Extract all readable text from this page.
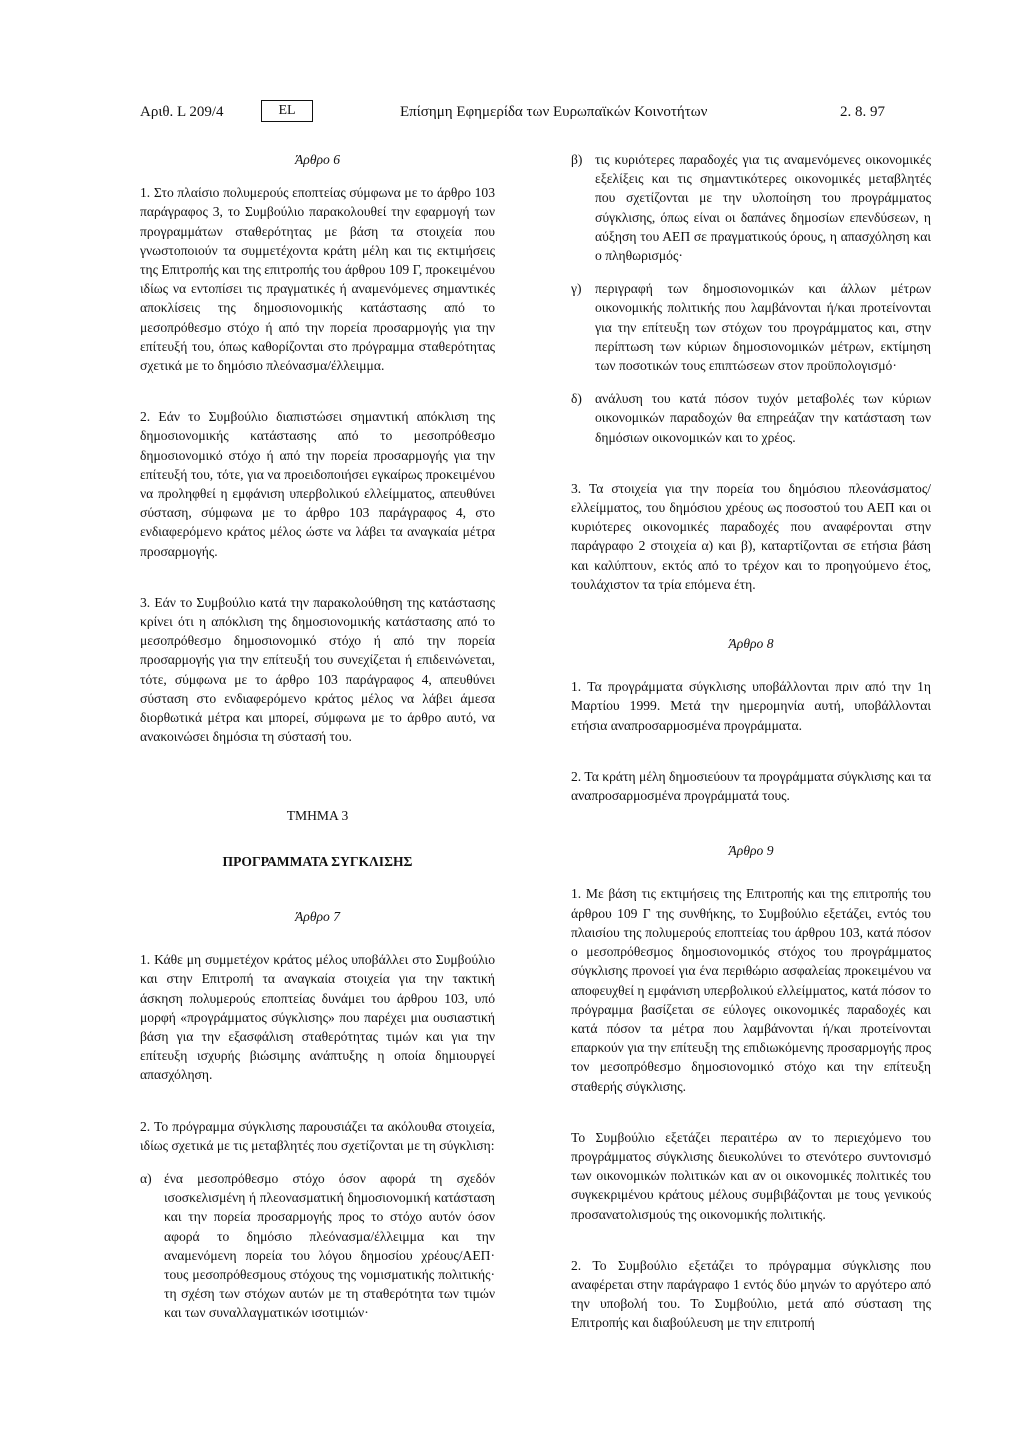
Αριθ. L 209/4	EL	Επίσημη Εφημερίδα των Ευρωπαϊκών Κοινοτήτων	2. 8. 97

Άρθρο 6

1. Στο πλαίσιο πολυμερούς εποπτείας σύμφωνα με το άρθρο 103 παράγραφος 3, το Συμβούλιο παρακολουθεί την εφαρμογή των προγραμμάτων σταθερότητας με βάση τα στοιχεία που γνωστοποιούν τα συμμετέχοντα κράτη μέλη και τις εκτιμήσεις της Επιτροπής και της επιτροπής του άρθρου 109 Γ, προκειμένου ιδίως να εντοπίσει τις πραγματικές ή αναμενόμενες σημαντικές αποκλίσεις της δημοσιονομικής κατάστασης από το μεσοπρόθεσμο στόχο ή από την πορεία προσαρμογής για την επίτευξή του, όπως καθορίζονται στο πρόγραμμα σταθερότητας σχετικά με το δημόσιο πλεόνασμα/έλλειμμα.

2. Εάν το Συμβούλιο διαπιστώσει σημαντική απόκλιση της δημοσιονομικής κατάστασης από το μεσοπρόθεσμο δημοσιονομικό στόχο ή από την πορεία προσαρμογής για την επίτευξή του, τότε, για να προειδοποιήσει εγκαίρως προκειμένου να προληφθεί η εμφάνιση υπερβολικού ελλείμματος, απευθύνει σύσταση, σύμφωνα με το άρθρο 103 παράγραφος 4, στο ενδιαφερόμενο κράτος μέλος ώστε να λάβει τα αναγκαία μέτρα προσαρμογής.

3. Εάν το Συμβούλιο κατά την παρακολούθηση της κατάστασης κρίνει ότι η απόκλιση της δημοσιονομικής κατάστασης από το μεσοπρόθεσμο δημοσιονομικό στόχο ή από την πορεία προσαρμογής για την επίτευξή του συνεχίζεται ή επιδεινώνεται, τότε, σύμφωνα με το άρθρο 103 παράγραφος 4, απευθύνει σύσταση στο ενδιαφερόμενο κράτος μέλος να λάβει άμεσα διορθωτικά μέτρα και μπορεί, σύμφωνα με το άρθρο αυτό, να ανακοινώσει δημόσια τη σύστασή του.

ΤΜΗΜΑ 3

ΠΡΟΓΡΑΜΜΑΤΑ ΣΥΓΚΛΙΣΗΣ

Άρθρο 7

1. Κάθε μη συμμετέχον κράτος μέλος υποβάλλει στο Συμβούλιο και στην Επιτροπή τα αναγκαία στοιχεία για την τακτική άσκηση πολυμερούς εποπτείας δυνάμει του άρθρου 103, υπό μορφή «προγράμματος σύγκλισης» που παρέχει μια ουσιαστική βάση για την εξασφάλιση σταθερότητας τιμών και για την επίτευξη ισχυρής βιώσιμης ανάπτυξης η οποία δημιουργεί απασχόληση.

2. Το πρόγραμμα σύγκλισης παρουσιάζει τα ακόλουθα στοιχεία, ιδίως σχετικά με τις μεταβλητές που σχετίζονται με τη σύγκλιση:

α) ένα μεσοπρόθεσμο στόχο όσον αφορά τη σχεδόν ισοσκελισμένη ή πλεονασματική δημοσιονομική κατάσταση και την πορεία προσαρμογής προς το στόχο αυτόν όσον αφορά το δημόσιο πλεόνασμα/έλλειμμα και την αναμενόμενη πορεία του λόγου δημοσίου χρέους/ΑΕΠ· τους μεσοπρόθεσμους στόχους της νομισματικής πολιτικής· τη σχέση των στόχων αυτών με τη σταθερότητα των τιμών και των συναλλαγματικών ισοτιμιών·
β) τις κυριότερες παραδοχές για τις αναμενόμενες οικονομικές εξελίξεις και τις σημαντικότερες οικονομικές μεταβλητές που σχετίζονται με την υλοποίηση του προγράμματος σύγκλισης, όπως είναι οι δαπάνες δημοσίων επενδύσεων, η αύξηση του ΑΕΠ σε πραγματικούς όρους, η απασχόληση και ο πληθωρισμός·
γ) περιγραφή των δημοσιονομικών και άλλων μέτρων οικονομικής πολιτικής που λαμβάνονται ή/και προτείνονται για την επίτευξη των στόχων του προγράμματος και, στην περίπτωση των κύριων δημοσιονομικών μέτρων, εκτίμηση των ποσοτικών τους επιπτώσεων στον προϋπολογισμό·
δ) ανάλυση του κατά πόσον τυχόν μεταβολές των κύριων οικονομικών παραδοχών θα επηρεάζαν την κατάσταση των δημόσιων οικονομικών και το χρέος.

3. Τα στοιχεία για την πορεία του δημόσιου πλεονάσματος/ελλείμματος, του δημόσιου χρέους ως ποσοστού του ΑΕΠ και οι κυριότερες οικονομικές παραδοχές που αναφέρονται στην παράγραφο 2 στοιχεία α) και β), καταρτίζονται σε ετήσια βάση και καλύπτουν, εκτός από το τρέχον και το προηγούμενο έτος, τουλάχιστον τα τρία επόμενα έτη.

Άρθρο 8

1. Τα προγράμματα σύγκλισης υποβάλλονται πριν από την 1η Μαρτίου 1999. Μετά την ημερομηνία αυτή, υποβάλλονται ετήσια αναπροσαρμοσμένα προγράμματα.

2. Τα κράτη μέλη δημοσιεύουν τα προγράμματα σύγκλισης και τα αναπροσαρμοσμένα προγράμματά τους.

Άρθρο 9

1. Με βάση τις εκτιμήσεις της Επιτροπής και της επιτροπής του άρθρου 109 Γ της συνθήκης, το Συμβούλιο εξετάζει, εντός του πλαισίου της πολυμερούς εποπτείας του άρθρου 103, κατά πόσον ο μεσοπρόθεσμος δημοσιονομικός στόχος του προγράμματος σύγκλισης προνοεί για ένα περιθώριο ασφαλείας προκειμένου να αποφευχθεί η εμφάνιση υπερβολικού ελλείμματος, κατά πόσον το πρόγραμμα βασίζεται σε εύλογες οικονομικές παραδοχές και κατά πόσον τα μέτρα που λαμβάνονται ή/και προτείνονται επαρκούν για την επίτευξη της επιδιωκόμενης προσαρμογής προς τον μεσοπρόθεσμο δημοσιονομικό στόχο και την επίτευξη σταθερής σύγκλισης.

Το Συμβούλιο εξετάζει περαιτέρω αν το περιεχόμενο του προγράμματος σύγκλισης διευκολύνει το στενότερο συντονισμό των οικονομικών πολιτικών και αν οι οικονομικές πολιτικές του συγκεκριμένου κράτους μέλους συμβιβάζονται με τους γενικούς προσανατολισμούς της οικονομικής πολιτικής.

2. Το Συμβούλιο εξετάζει το πρόγραμμα σύγκλισης που αναφέρεται στην παράγραφο 1 εντός δύο μηνών το αργότερο από την υποβολή του. Το Συμβούλιο, μετά από σύσταση της Επιτροπής και διαβούλευση με την επιτροπή
